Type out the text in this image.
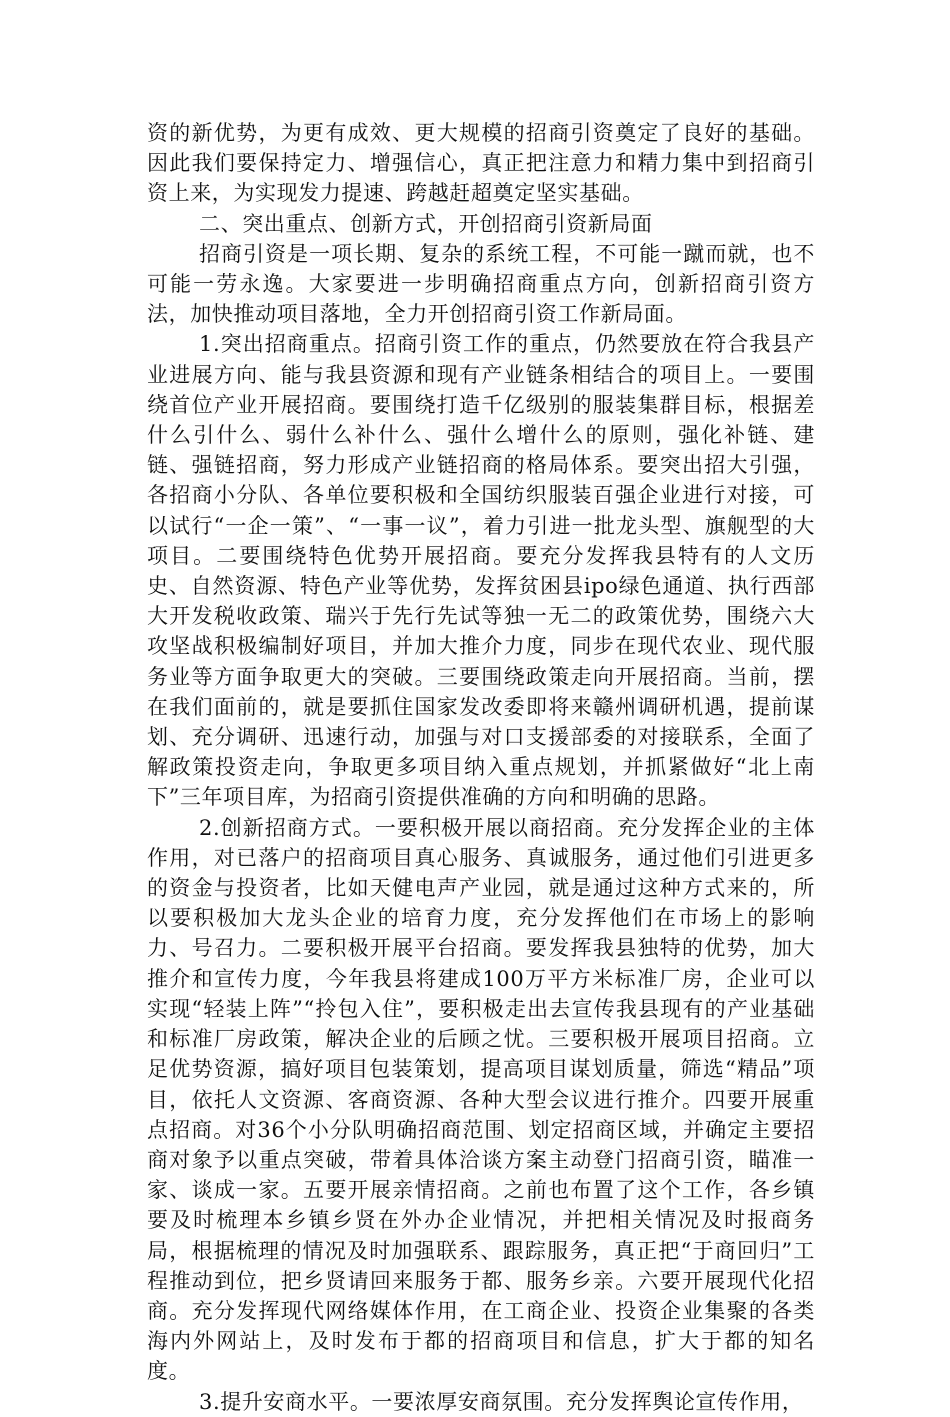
资的新优势，为更有成效、更大规模的招商引资奠定了良好的基础。因此我们要保持定力、增强信心，真正把注意力和精力集中到招商引资上来，为实现发力提速、跨越赶超奠定坚实基础。

二、突出重点、创新方式，开创招商引资新局面

招商引资是一项长期、复杂的系统工程，不可能一蹴而就，也不可能一劳永逸。大家要进一步明确招商重点方向，创新招商引资方法，加快推动项目落地，全力开创招商引资工作新局面。

1.突出招商重点。招商引资工作的重点，仍然要放在符合我县产业进展方向、能与我县资源和现有产业链条相结合的项目上。一要围绕首位产业开展招商。要围绕打造千亿级别的服装集群目标，根据差什么引什么、弱什么补什么、强什么增什么的原则，强化补链、建链、强链招商，努力形成产业链招商的格局体系。要突出招大引强，各招商小分队、各单位要积极和全国纺织服装百强企业进行对接，可以试行“一企一策”、“一事一议”，着力引进一批龙头型、旗舰型的大项目。二要围绕特色优势开展招商。要充分发挥我县特有的人文历史、自然资源、特色产业等优势，发挥贫困县ipo绿色通道、执行西部大开发税收政策、瑞兴于先行先试等独一无二的政策优势，围绕六大攻坚战积极编制好项目，并加大推介力度，同步在现代农业、现代服务业等方面争取更大的突破。三要围绕政策走向开展招商。当前，摆在我们面前的，就是要抓住国家发改委即将来赣州调研机遇，提前谋划、充分调研、迅速行动，加强与对口支援部委的对接联系，全面了解政策投资走向，争取更多项目纳入重点规划，并抓紧做好“北上南下”三年项目库，为招商引资提供准确的方向和明确的思路。

2.创新招商方式。一要积极开展以商招商。充分发挥企业的主体作用，对已落户的招商项目真心服务、真诚服务，通过他们引进更多的资金与投资者，比如天健电声产业园，就是通过这种方式来的，所以要积极加大龙头企业的培育力度，充分发挥他们在市场上的影响力、号召力。二要积极开展平台招商。要发挥我县独特的优势，加大推介和宣传力度，今年我县将建成100万平方米标准厂房，企业可以实现“轻装上阵”“拎包入住”，要积极走出去宣传我县现有的产业基础和标准厂房政策，解决企业的后顾之忧。三要积极开展项目招商。立足优势资源，搞好项目包装策划，提高项目谋划质量，筛选“精品”项目，依托人文资源、客商资源、各种大型会议进行推介。四要开展重点招商。对36个小分队明确招商范围、划定招商区域，并确定主要招商对象予以重点突破，带着具体洽谈方案主动登门招商引资，瞄准一家、谈成一家。五要开展亲情招商。之前也布置了这个工作，各乡镇要及时梳理本乡镇乡贤在外办企业情况，并把相关情况及时报商务局，根据梳理的情况及时加强联系、跟踪服务，真正把“于商回归”工程推动到位，把乡贤请回来服务于都、服务乡亲。六要开展现代化招商。充分发挥现代网络媒体作用，在工商企业、投资企业集聚的各类海内外网站上，及时发布于都的招商项目和信息，扩大于都的知名度。

3.提升安商水平。一要浓厚安商氛围。充分发挥舆论宣传作用，
